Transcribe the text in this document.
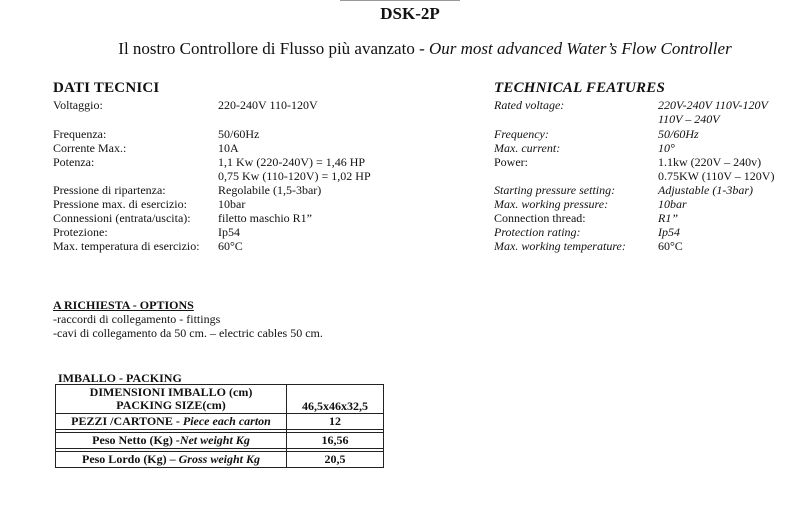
DSK-2P
Il nostro Controllore di Flusso più avanzato - Our most advanced Water’s Flow Controller
DATI TECNICI
Voltaggio:	220-240V 110-120V
Frequenza:	50/60Hz
Corrente Max.:	10A
Potenza:	1,1 Kw (220-240V) = 1,46 HP
0,75 Kw (110-120V) = 1,02 HP
Pressione di ripartenza:	Regolabile (1,5-3bar)
Pressione max. di esercizio:	10bar
Connessioni (entrata/uscita): filetto maschio R1”
Protezione:	Ip54
Max. temperatura di esercizio: 60°C
TECHNICAL FEATURES
Rated voltage:	220V-240V 110V-120V
110V – 240V
Frequency:	50/60Hz
Max. current:	10°
Power:	1.1kw (220V – 240v)
0.75KW (110V – 120V)
Starting pressure setting:	Adjustable (1-3bar)
Max. working pressure:	10bar
Connection thread:	R1”
Protection rating:	Ip54
Max. working temperature:	60°C
A RICHIESTA - OPTIONS
-raccordi di collegamento - fittings
-cavi di collegamento da 50 cm. – electric cables 50 cm.
IMBALLO - PACKING
DIMENSIONI IMBALLO (cm)
PACKING SIZE(cm)	46,5x46x32,5
PEZZI /CARTONE - Piece each carton	12

Peso Netto (Kg) -Net weight Kg	16,56

Peso Lordo (Kg) – Gross weight Kg	20,5
